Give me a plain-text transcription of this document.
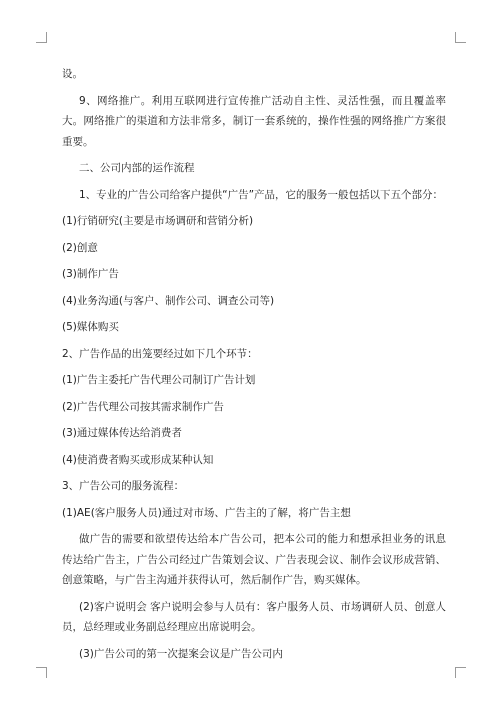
设。

9、网络推广。利用互联网进行宣传推广活动自主性、灵活性强，而且覆盖率大。网络推广的渠道和方法非常多，制订一套系统的，操作性强的网络推广方案很重要。

二、公司内部的运作流程

1、专业的广告公司给客户提供“广告”产品，它的服务一般包括以下五个部分：

(1)行销研究(主要是市场调研和营销分析)

(2)创意

(3)制作广告

(4)业务沟通(与客户、制作公司、调查公司等)

(5)媒体购买

2、广告作品的出笼要经过如下几个环节：

(1)广告主委托广告代理公司制订广告计划

(2)广告代理公司按其需求制作广告

(3)通过媒体传达给消费者

(4)使消费者购买或形成某种认知

3、广告公司的服务流程：

(1)AE(客户服务人员)通过对市场、广告主的了解，将广告主想

做广告的需要和欲望传达给本广告公司，把本公司的能力和想承担业务的讯息传达给广告主，广告公司经过广告策划会议、广告表现会议、制作会议形成营销、创意策略，与广告主沟通并获得认可，然后制作广告，购买媒体。

(2)客户说明会 客户说明会参与人员有：客户服务人员、市场调研人员、创意人员，总经理或业务副总经理应出席说明会。

(3)广告公司的第一次提案会议是广告公司内
